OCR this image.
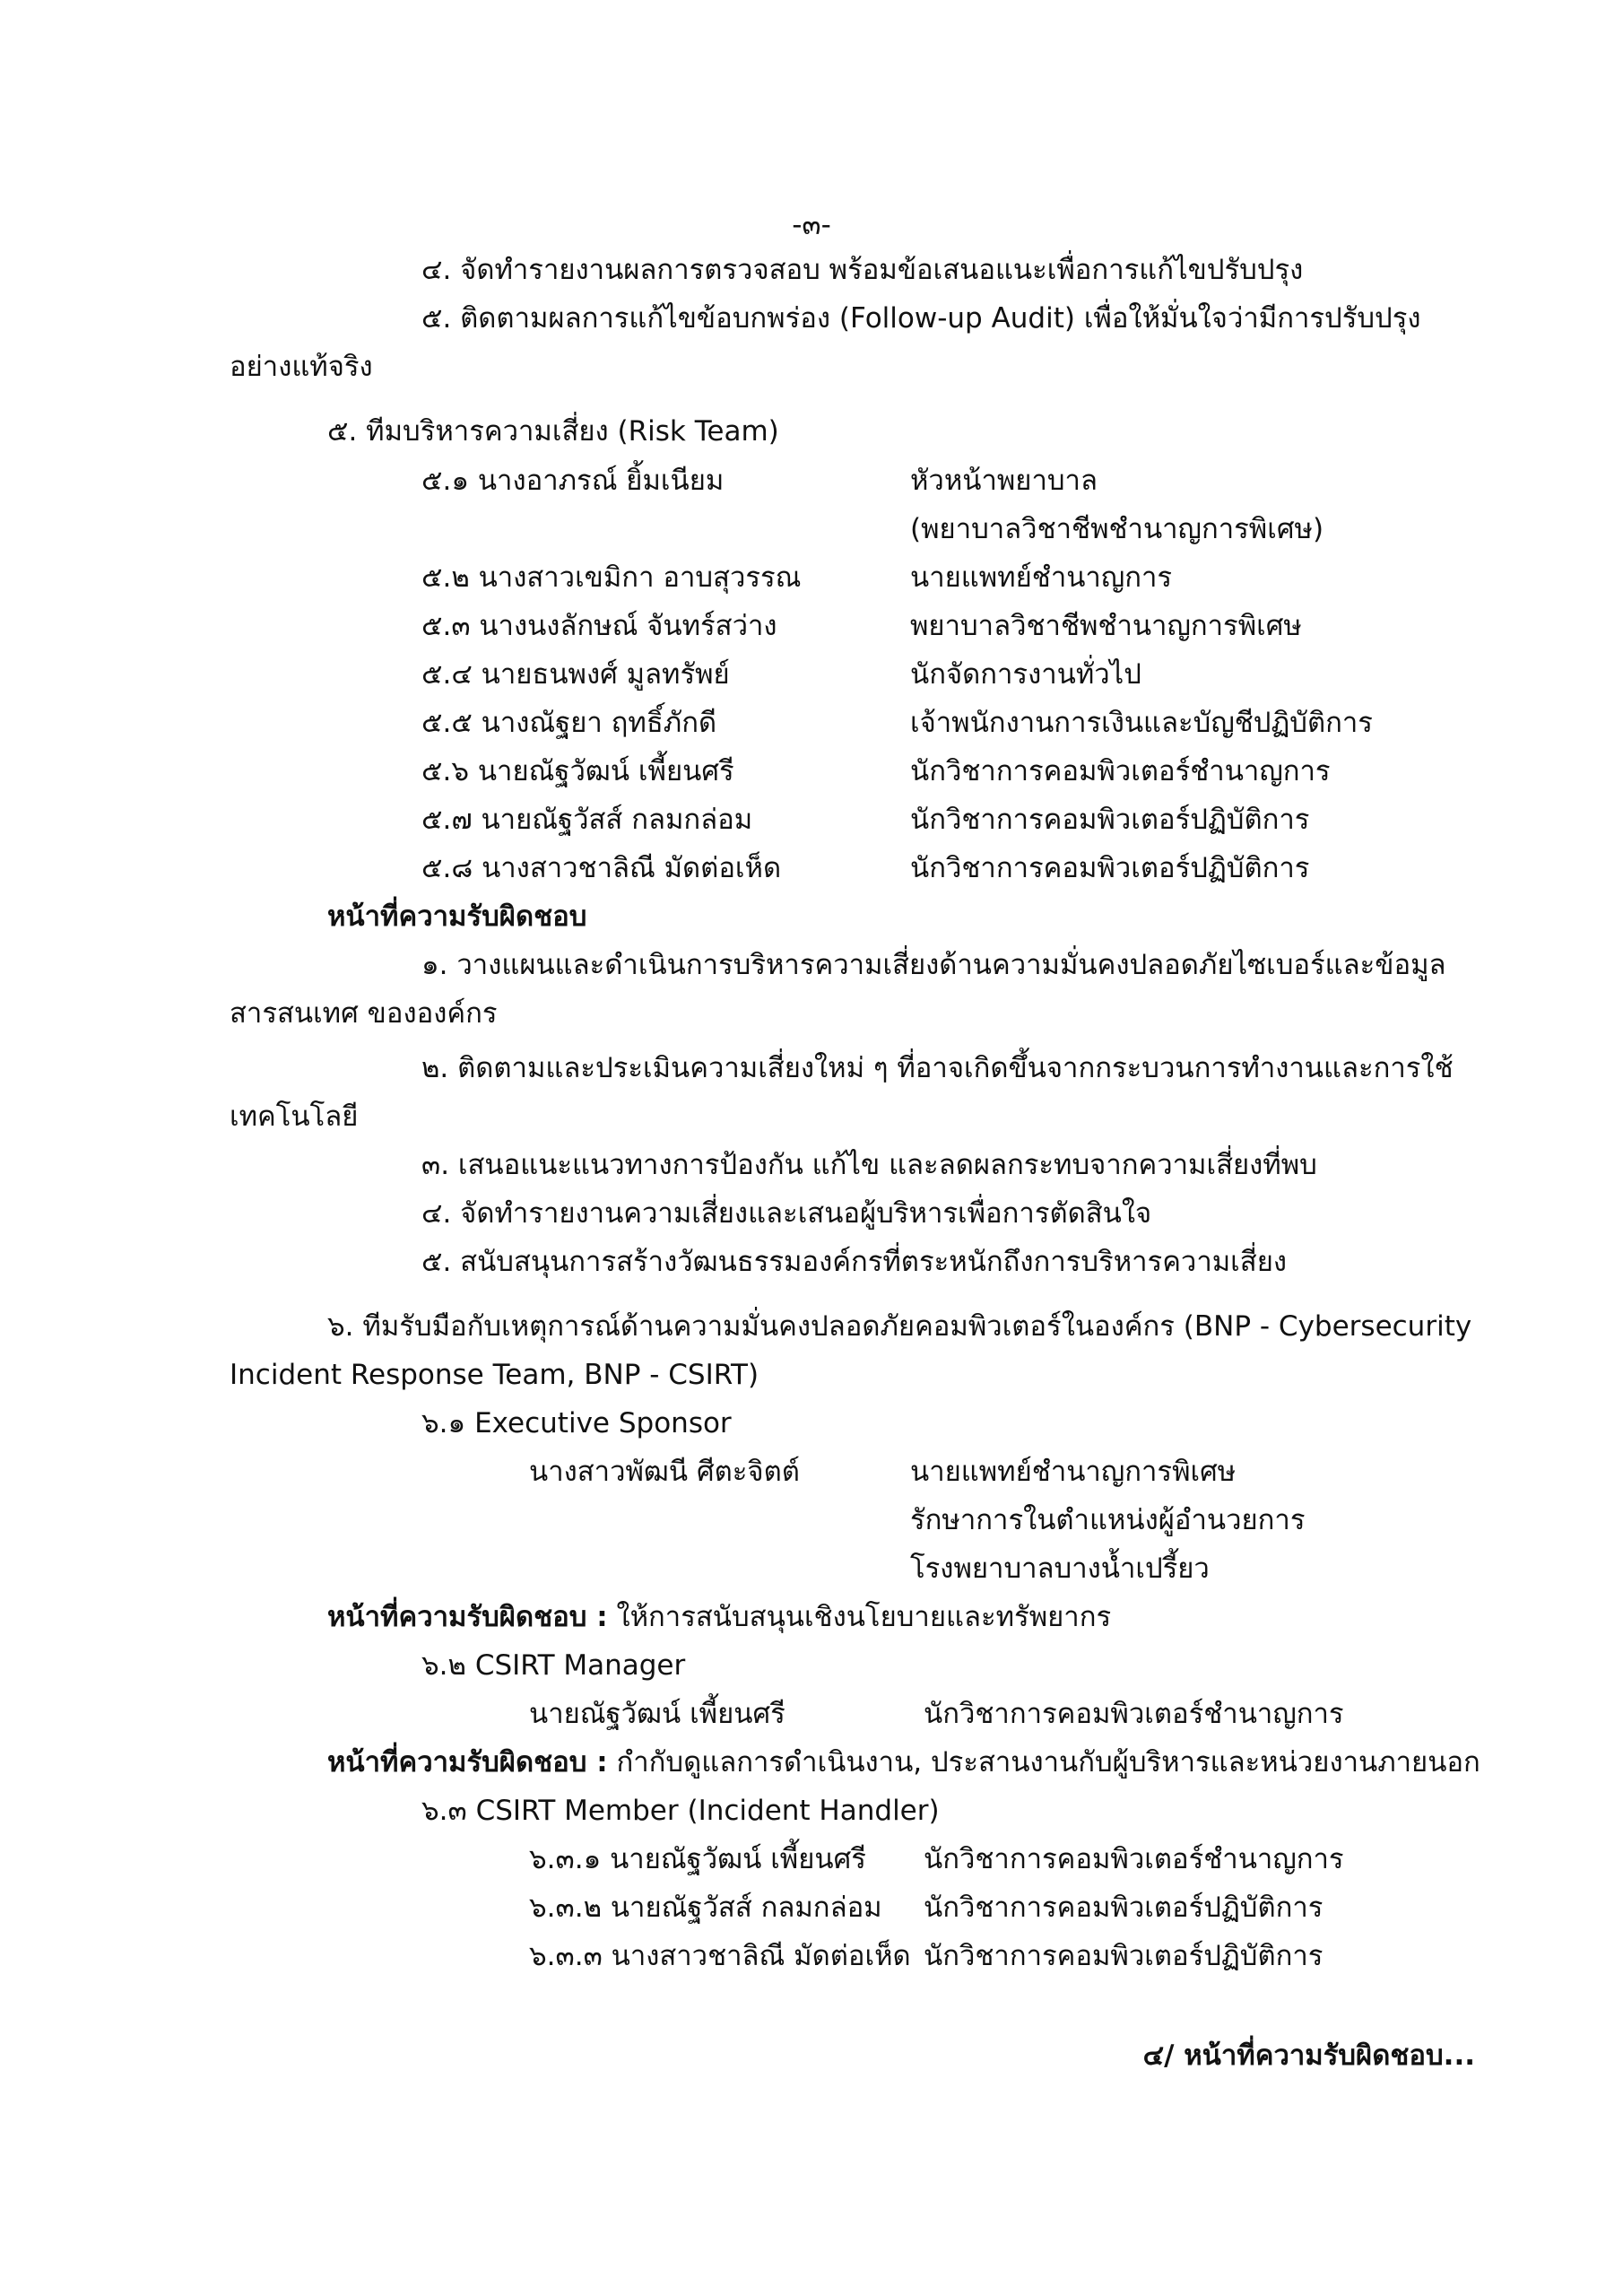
-๓-
๔. จัดทำรายงานผลการตรวจสอบ พร้อมข้อเสนอแนะเพื่อการแก้ไขปรับปรุง
๕. ติดตามผลการแก้ไขข้อบกพร่อง (Follow-up Audit) เพื่อให้มั่นใจว่ามีการปรับปรุง
อย่างแท้จริง
๕. ทีมบริหารความเสี่ยง (Risk Team)
๕.๑ นางอาภรณ์ ยิ้มเนียม	หัวหน้าพยาบาล
(พยาบาลวิชาชีพชำนาญการพิเศษ)
๕.๒ นางสาวเขมิกา อาบสุวรรณ	นายแพทย์ชำนาญการ
๕.๓ นางนงลักษณ์ จันทร์สว่าง	พยาบาลวิชาชีพชำนาญการพิเศษ
๕.๔ นายธนพงศ์ มูลทรัพย์	นักจัดการงานทั่วไป
๕.๕ นางณัฐยา ฤทธิ์ภักดี	เจ้าพนักงานการเงินและบัญชีปฏิบัติการ
๕.๖ นายณัฐวัฒน์ เพี้ยนศรี	นักวิชาการคอมพิวเตอร์ชำนาญการ
๕.๗ นายณัฐวัสส์ กลมกล่อม	นักวิชาการคอมพิวเตอร์ปฏิบัติการ
๕.๘ นางสาวชาลิณี มัดต่อเห็ด	นักวิชาการคอมพิวเตอร์ปฏิบัติการ
หน้าที่ความรับผิดชอบ
๑. วางแผนและดำเนินการบริหารความเสี่ยงด้านความมั่นคงปลอดภัยไซเบอร์และข้อมูล
สารสนเทศ ขององค์กร
๒. ติดตามและประเมินความเสี่ยงใหม่ ๆ ที่อาจเกิดขึ้นจากกระบวนการทำงานและการใช้
เทคโนโลยี
๓. เสนอแนะแนวทางการป้องกัน แก้ไข และลดผลกระทบจากความเสี่ยงที่พบ
๔. จัดทำรายงานความเสี่ยงและเสนอผู้บริหารเพื่อการตัดสินใจ
๕. สนับสนุนการสร้างวัฒนธรรมองค์กรที่ตระหนักถึงการบริหารความเสี่ยง
๖. ทีมรับมือกับเหตุการณ์ด้านความมั่นคงปลอดภัยคอมพิวเตอร์ในองค์กร (BNP - Cybersecurity
Incident Response Team, BNP - CSIRT)
๖.๑ Executive Sponsor
นางสาวพัฒนี ศีตะจิตต์	นายแพทย์ชำนาญการพิเศษ
รักษาการในตำแหน่งผู้อำนวยการ
โรงพยาบาลบางน้ำเปรี้ยว
หน้าที่ความรับผิดชอบ : ให้การสนับสนุนเชิงนโยบายและทรัพยากร
๖.๒ CSIRT Manager
นายณัฐวัฒน์ เพี้ยนศรี	นักวิชาการคอมพิวเตอร์ชำนาญการ
หน้าที่ความรับผิดชอบ : กำกับดูแลการดำเนินงาน, ประสานงานกับผู้บริหารและหน่วยงานภายนอก
๖.๓ CSIRT Member (Incident Handler)
๖.๓.๑ นายณัฐวัฒน์ เพี้ยนศรี นักวิชาการคอมพิวเตอร์ชำนาญการ
๖.๓.๒ นายณัฐวัสส์ กลมกล่อม นักวิชาการคอมพิวเตอร์ปฏิบัติการ
๖.๓.๓ นางสาวชาลิณี มัดต่อเห็ด นักวิชาการคอมพิวเตอร์ปฏิบัติการ
๔/ หน้าที่ความรับผิดชอบ...
